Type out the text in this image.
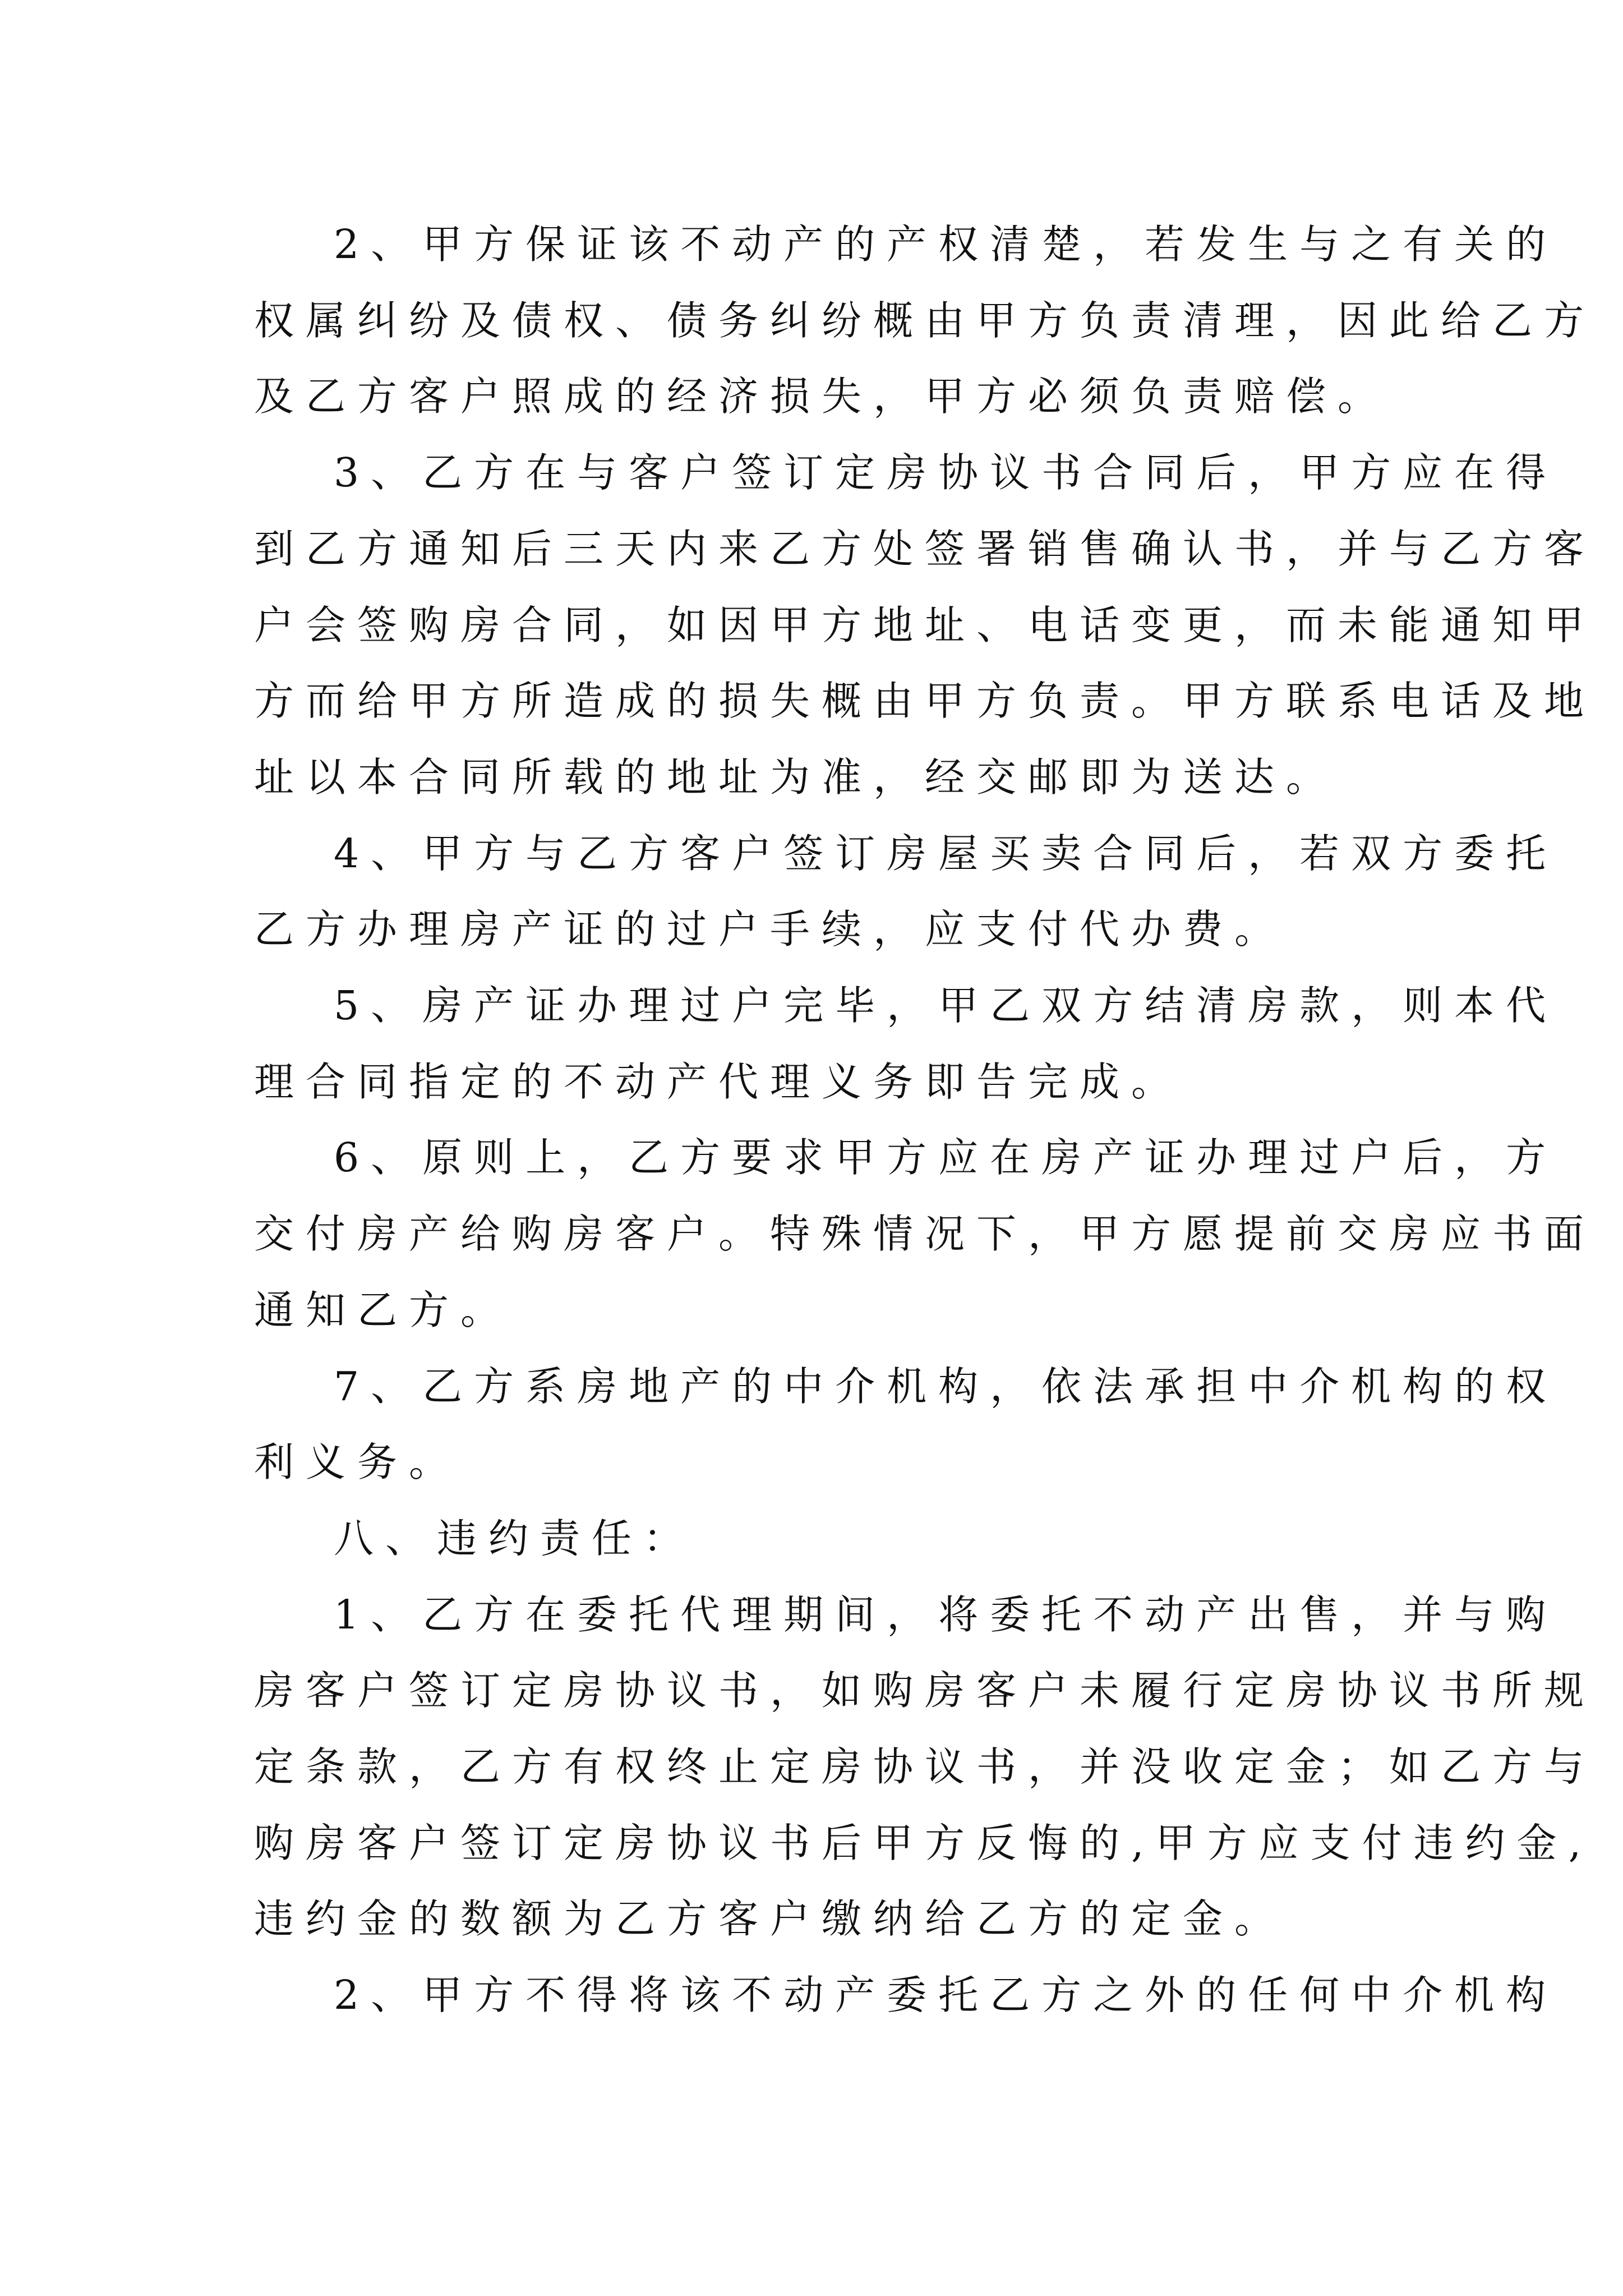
2、甲方保证该不动产的产权清楚，若发生与之有关的
权属纠纷及债权、债务纠纷概由甲方负责清理，因此给乙方
及乙方客户照成的经济损失，甲方必须负责赔偿。

3、乙方在与客户签订定房协议书合同后，甲方应在得
到乙方通知后三天内来乙方处签署销售确认书，并与乙方客
户会签购房合同，如因甲方地址、电话变更，而未能通知甲
方而给甲方所造成的损失概由甲方负责。甲方联系电话及地
址以本合同所载的地址为准，经交邮即为送达。

4、甲方与乙方客户签订房屋买卖合同后，若双方委托
乙方办理房产证的过户手续，应支付代办费。

5、房产证办理过户完毕，甲乙双方结清房款，则本代
理合同指定的不动产代理义务即告完成。

6、原则上，乙方要求甲方应在房产证办理过户后，方
交付房产给购房客户。特殊情况下，甲方愿提前交房应书面
通知乙方。

7、乙方系房地产的中介机构，依法承担中介机构的权
利义务。

八、违约责任：

1、乙方在委托代理期间，将委托不动产出售，并与购
房客户签订定房协议书，如购房客户未履行定房协议书所规
定条款，乙方有权终止定房协议书，并没收定金；如乙方与
购房客户签订定房协议书后甲方反悔的,甲方应支付违约金,
违约金的数额为乙方客户缴纳给乙方的定金。

2、甲方不得将该不动产委托乙方之外的任何中介机构
